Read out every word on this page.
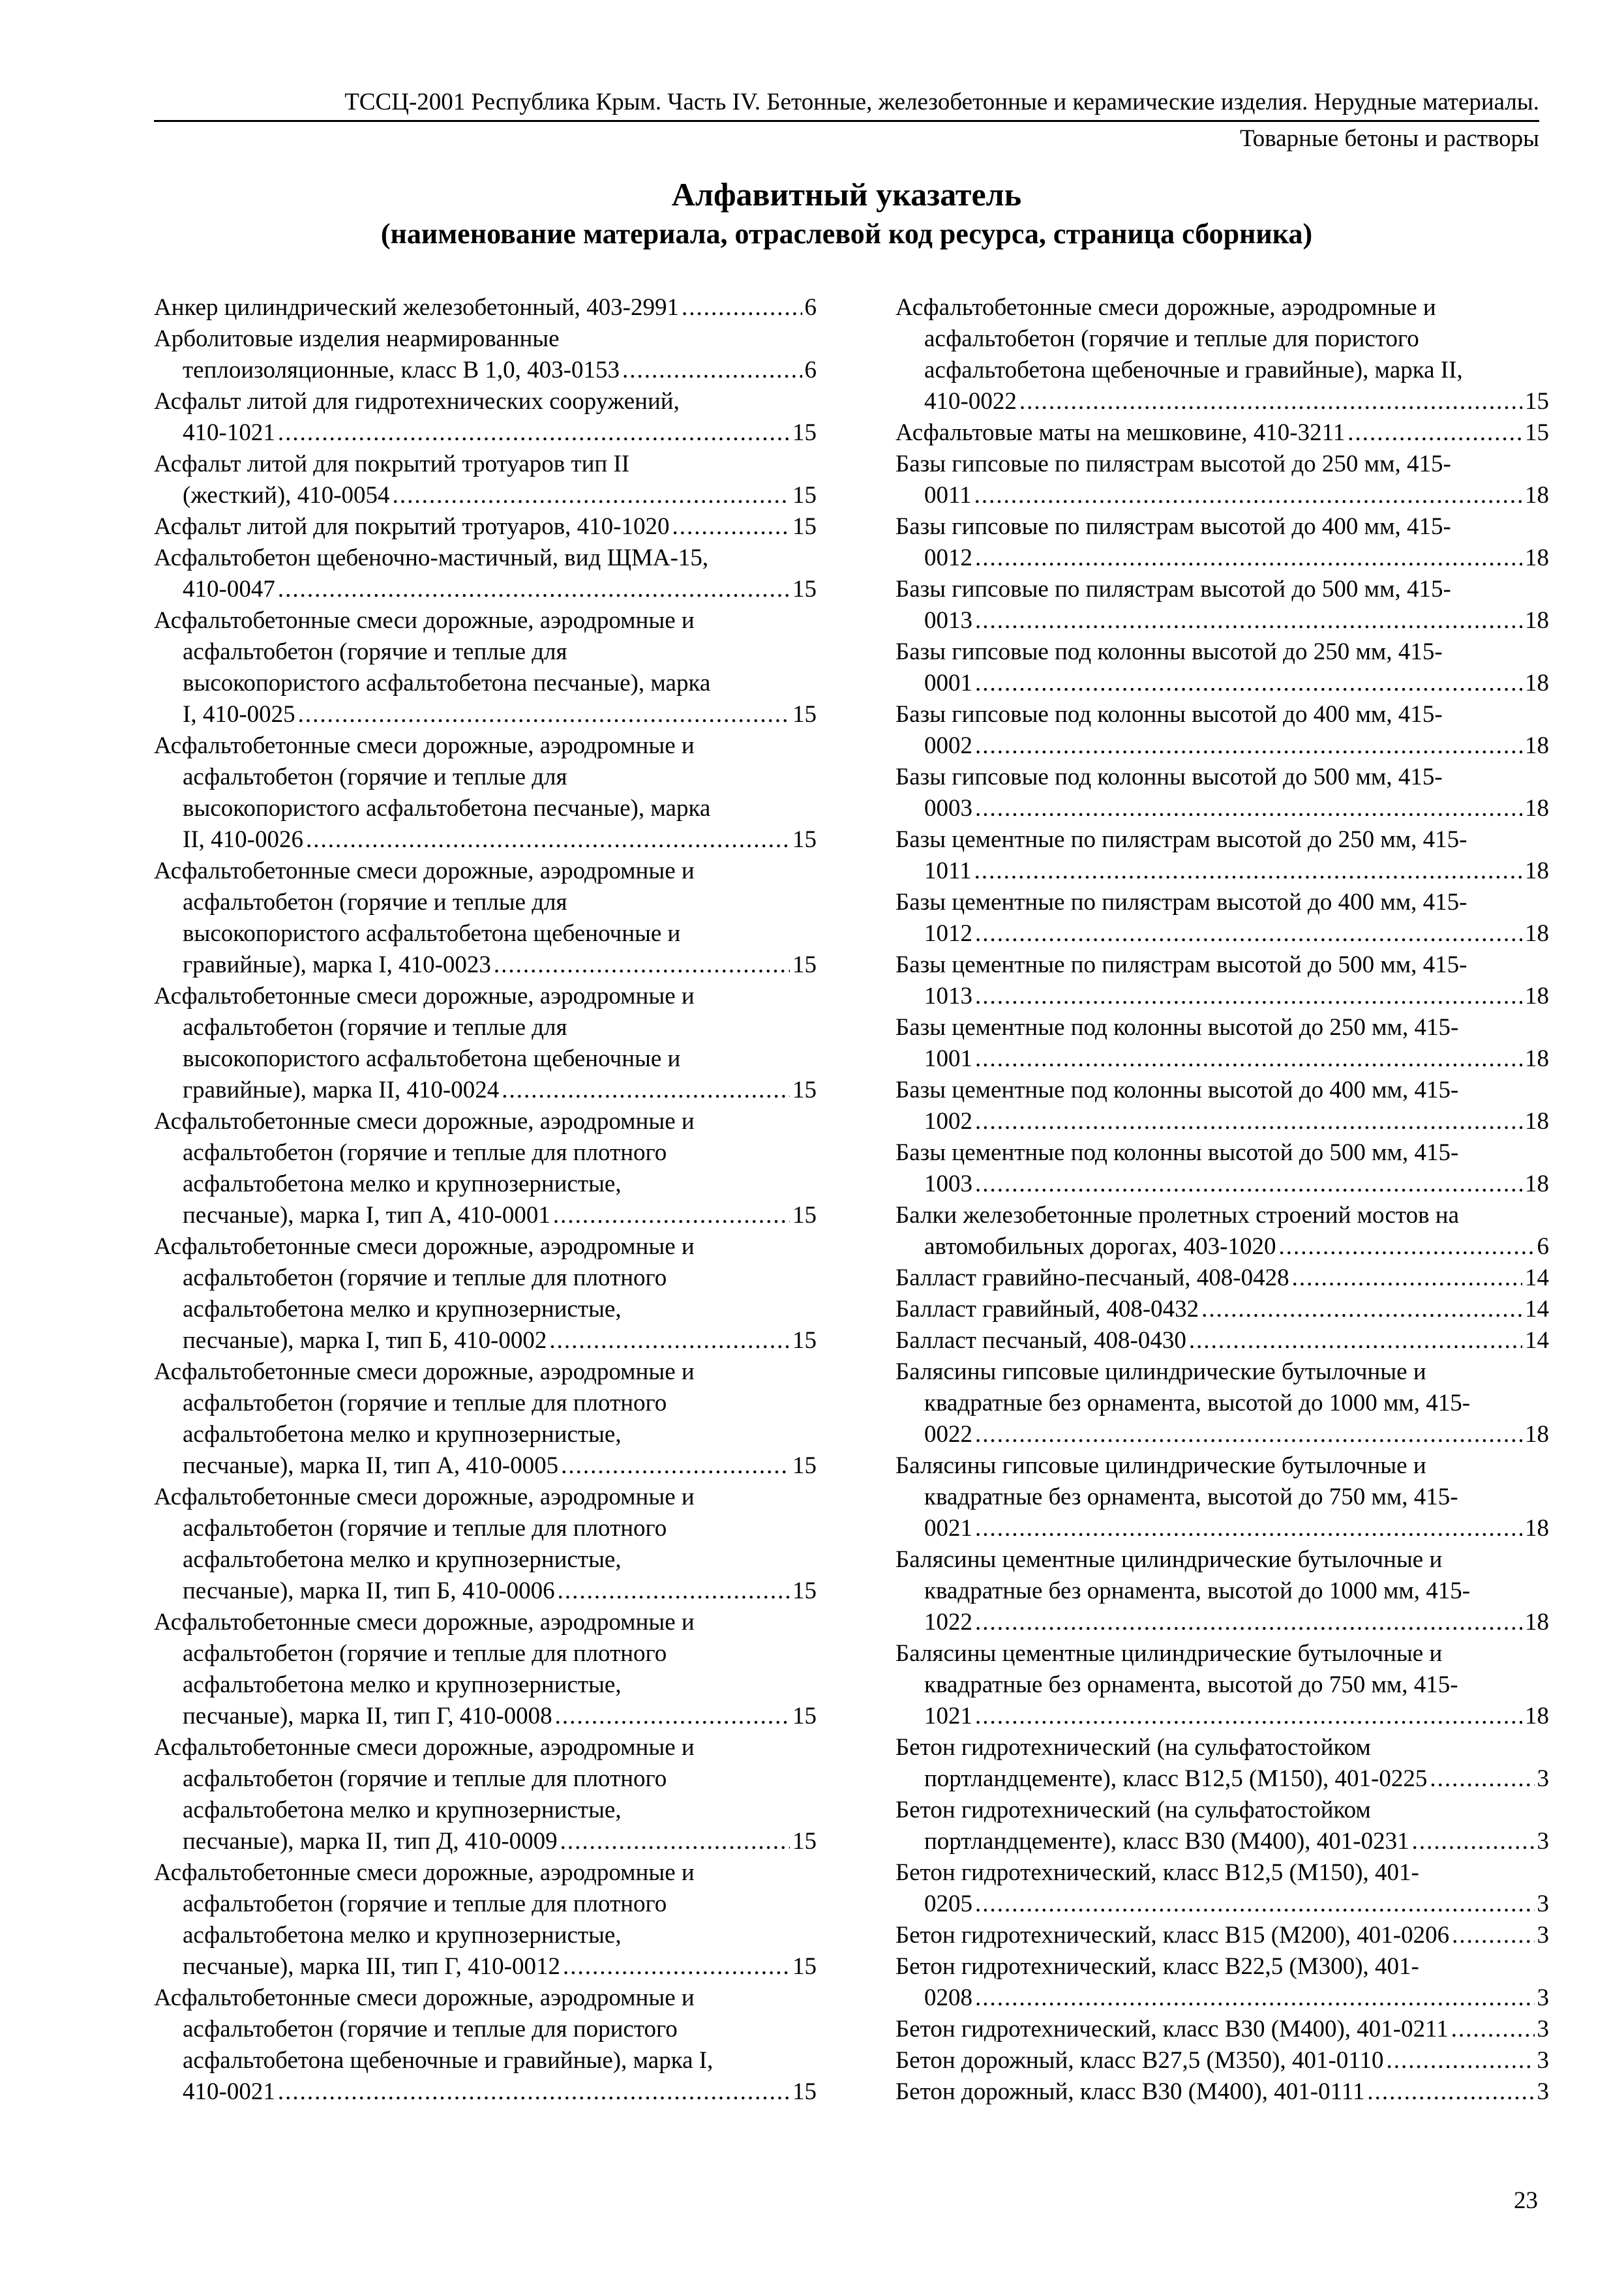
ТССЦ-2001 Республика Крым. Часть IV. Бетонные, железобетонные и керамические изделия. Нерудные материалы.
Товарные бетоны и растворы
Алфавитный указатель
(наименование материала, отраслевой код ресурса, страница сборника)
Анкер цилиндрический железобетонный, 403-2991 .....	6
Арболитовые изделия неармированные
теплоизоляционные, класс В 1,0, 403-0153 .....	6
Асфальт литой для гидротехнических сооружений,
410-1021 .....	15
Асфальт литой для покрытий тротуаров тип II
(жесткий), 410-0054 .....	15
Асфальт литой для покрытий тротуаров, 410-1020 .....	15
Асфальтобетон щебеночно-мастичный, вид ЩМА-15,
410-0047 .....	15
Асфальтобетонные смеси дорожные, аэродромные и
асфальтобетон (горячие и теплые для
высокопористого асфальтобетона песчаные), марка
I, 410-0025 .....	15
Асфальтобетонные смеси дорожные, аэродромные и
асфальтобетон (горячие и теплые для
высокопористого асфальтобетона песчаные), марка
II, 410-0026 .....	15
Асфальтобетонные смеси дорожные, аэродромные и
асфальтобетон (горячие и теплые для
высокопористого асфальтобетона щебеночные и
гравийные), марка I, 410-0023 .....	15
Асфальтобетонные смеси дорожные, аэродромные и
асфальтобетон (горячие и теплые для
высокопористого асфальтобетона щебеночные и
гравийные), марка II, 410-0024 .....	15
Асфальтобетонные смеси дорожные, аэродромные и
асфальтобетон (горячие и теплые для плотного
асфальтобетона мелко и крупнозернистые,
песчаные), марка I, тип А, 410-0001 .....	15
Асфальтобетонные смеси дорожные, аэродромные и
асфальтобетон (горячие и теплые для плотного
асфальтобетона мелко и крупнозернистые,
песчаные), марка I, тип Б, 410-0002 .....	15
Асфальтобетонные смеси дорожные, аэродромные и
асфальтобетон (горячие и теплые для плотного
асфальтобетона мелко и крупнозернистые,
песчаные), марка II, тип А, 410-0005 .....	15
Асфальтобетонные смеси дорожные, аэродромные и
асфальтобетон (горячие и теплые для плотного
асфальтобетона мелко и крупнозернистые,
песчаные), марка II, тип Б, 410-0006 .....	15
Асфальтобетонные смеси дорожные, аэродромные и
асфальтобетон (горячие и теплые для плотного
асфальтобетона мелко и крупнозернистые,
песчаные), марка II, тип Г, 410-0008 .....	15
Асфальтобетонные смеси дорожные, аэродромные и
асфальтобетон (горячие и теплые для плотного
асфальтобетона мелко и крупнозернистые,
песчаные), марка II, тип Д, 410-0009 .....	15
Асфальтобетонные смеси дорожные, аэродромные и
асфальтобетон (горячие и теплые для плотного
асфальтобетона мелко и крупнозернистые,
песчаные), марка III, тип Г, 410-0012 .....	15
Асфальтобетонные смеси дорожные, аэродромные и
асфальтобетон (горячие и теплые для пористого
асфальтобетона щебеночные и гравийные), марка I,
410-0021 .....	15
Асфальтобетонные смеси дорожные, аэродромные и
асфальтобетон (горячие и теплые для пористого
асфальтобетона щебеночные и гравийные), марка II,
410-0022 .....	15
Асфальтовые маты на мешковине, 410-3211 .....	15
Базы гипсовые по пилястрам высотой до 250 мм, 415-
0011 .....	18
Базы гипсовые по пилястрам высотой до 400 мм, 415-
0012 .....	18
Базы гипсовые по пилястрам высотой до 500 мм, 415-
0013 .....	18
Базы гипсовые под колонны высотой до 250 мм, 415-
0001 .....	18
Базы гипсовые под колонны высотой до 400 мм, 415-
0002 .....	18
Базы гипсовые под колонны высотой до 500 мм, 415-
0003 .....	18
Базы цементные по пилястрам высотой до 250 мм, 415-
1011 .....	18
Базы цементные по пилястрам высотой до 400 мм, 415-
1012 .....	18
Базы цементные по пилястрам высотой до 500 мм, 415-
1013 .....	18
Базы цементные под колонны высотой до 250 мм, 415-
1001 .....	18
Базы цементные под колонны высотой до 400 мм, 415-
1002 .....	18
Базы цементные под колонны высотой до 500 мм, 415-
1003 .....	18
Балки железобетонные пролетных строений мостов на
автомобильных дорогах, 403-1020 .....	6
Балласт гравийно-песчаный, 408-0428 .....	14
Балласт гравийный, 408-0432 .....	14
Балласт песчаный, 408-0430 .....	14
Балясины гипсовые цилиндрические бутылочные и
квадратные без орнамента, высотой до 1000 мм, 415-
0022 .....	18
Балясины гипсовые цилиндрические бутылочные и
квадратные без орнамента, высотой до 750 мм, 415-
0021 .....	18
Балясины цементные цилиндрические бутылочные и
квадратные без орнамента, высотой до 1000 мм, 415-
1022 .....	18
Балясины цементные цилиндрические бутылочные и
квадратные без орнамента, высотой до 750 мм, 415-
1021 .....	18
Бетон гидротехнический (на сульфатостойком
портландцементе), класс В12,5 (М150), 401-0225 .....	3
Бетон гидротехнический (на сульфатостойком
портландцементе), класс В30 (М400), 401-0231 .....	3
Бетон гидротехнический, класс В12,5 (М150), 401-
0205 .....	3
Бетон гидротехнический, класс В15 (М200), 401-0206 .....	3
Бетон гидротехнический, класс В22,5 (М300), 401-
0208 .....	3
Бетон гидротехнический, класс В30 (М400), 401-0211 .....	3
Бетон дорожный, класс В27,5 (М350), 401-0110 .....	3
Бетон дорожный, класс В30 (М400), 401-0111 .....	3
23
